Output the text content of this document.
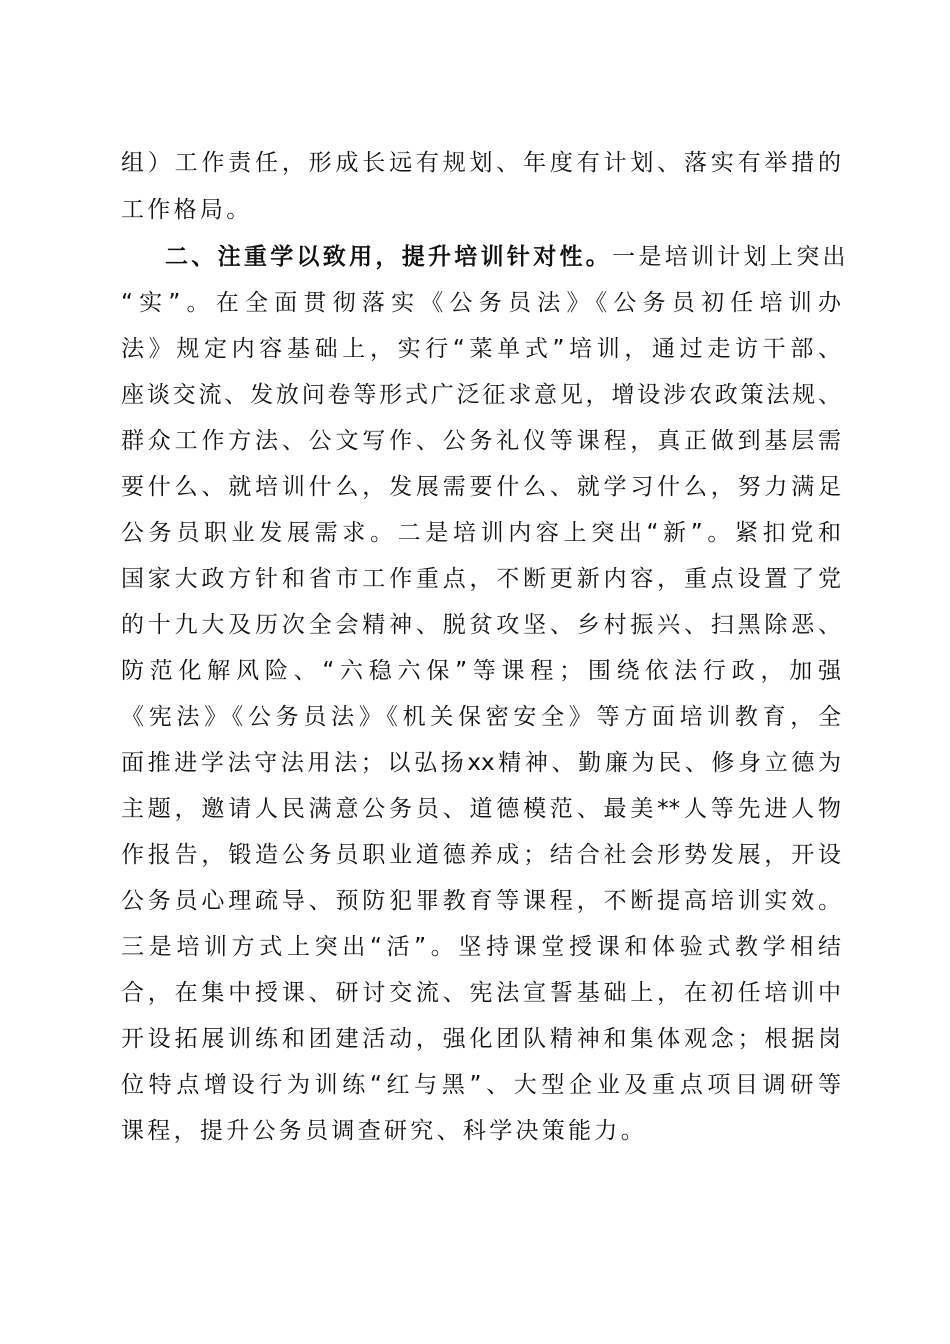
组）工作责任，形成长远有规划、年度有计划、落实有举措的
工作格局。
二、注重学以致用，提升培训针对性。一是培训计划上突出
“实”。在全面贯彻落实《公务员法》《公务员初任培训办
法》规定内容基础上，实行“菜单式”培训，通过走访干部、
座谈交流、发放问卷等形式广泛征求意见，增设涉农政策法规、
群众工作方法、公文写作、公务礼仪等课程，真正做到基层需
要什么、就培训什么，发展需要什么、就学习什么，努力满足
公务员职业发展需求。二是培训内容上突出“新”。紧扣党和
国家大政方针和省市工作重点，不断更新内容，重点设置了党
的十九大及历次全会精神、脱贫攻坚、乡村振兴、扫黑除恶、
防范化解风险、“六稳六保”等课程；围绕依法行政，加强
《宪法》《公务员法》《机关保密安全》等方面培训教育，全
面推进学法守法用法；以弘扬xx精神、勤廉为民、修身立德为
主题，邀请人民满意公务员、道德模范、最美**人等先进人物
作报告，锻造公务员职业道德养成；结合社会形势发展，开设
公务员心理疏导、预防犯罪教育等课程，不断提高培训实效。
三是培训方式上突出“活”。坚持课堂授课和体验式教学相结
合，在集中授课、研讨交流、宪法宣誓基础上，在初任培训中
开设拓展训练和团建活动，强化团队精神和集体观念；根据岗
位特点增设行为训练“红与黑”、大型企业及重点项目调研等
课程，提升公务员调查研究、科学决策能力。
